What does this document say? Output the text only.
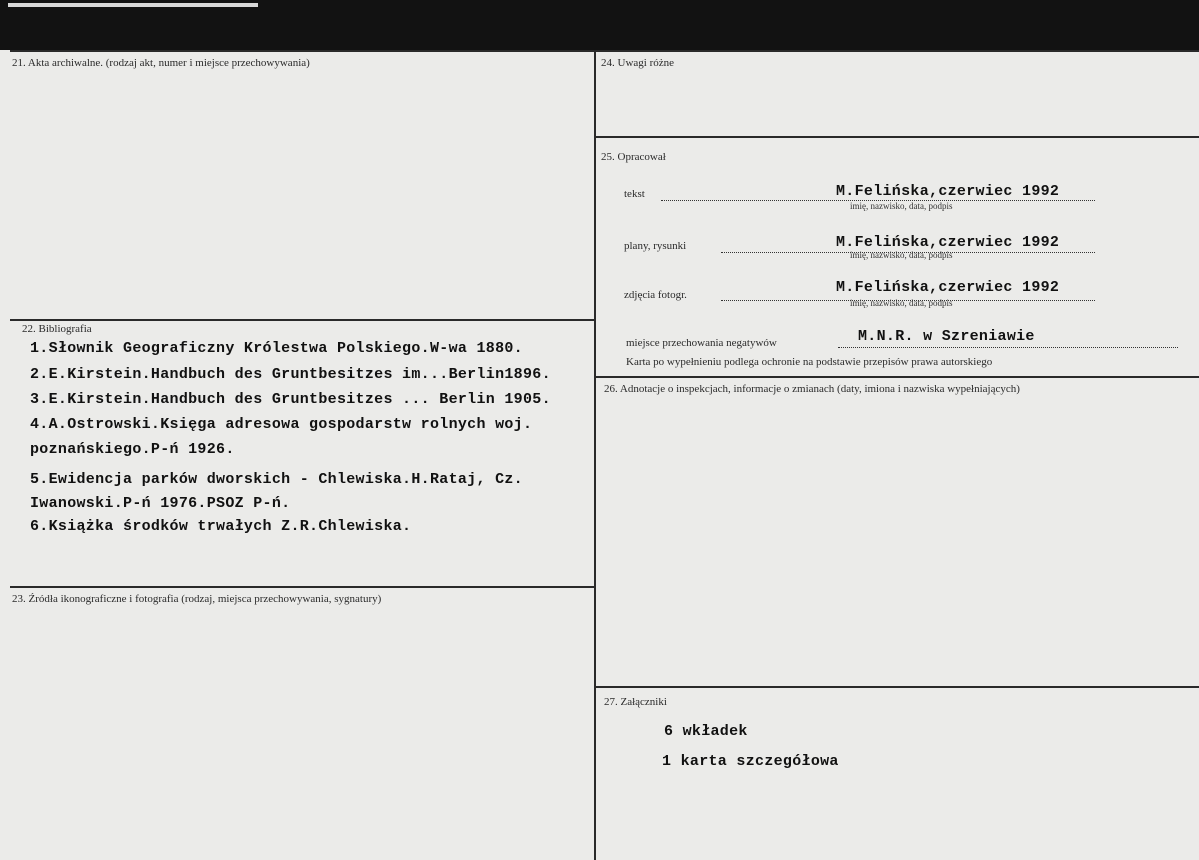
21. Akta archiwalne. (rodzaj akt, numer i miejsce przechowywania)
22. Bibliografia
1.Słownik Geograficzny Królestwa Polskiego.W-wa 1880.
2.E.Kirstein.Handbuch des Gruntbesitzes im...Berlin1896.
3.E.Kirstein.Handbuch des Gruntbesitzes ... Berlin 1905.
4.A.Ostrowski.Księga adresowa gospodarstw rolnych woj.
poznańskiego.P-ń 1926.
5.Ewidencja parków dworskich - Chlewiska.H.Rataj, Cz.
Iwanowski.P-ń 1976.PSOZ P-ń.
6.Książka środków trwałych Z.R.Chlewiska.
23. Źródła ikonograficzne i fotografia (rodzaj, miejsca przechowywania, sygnatury)
24. Uwagi różne
25. Opracował
tekst	M.Felińska,czerwiec 1992
imię, nazwisko, data, podpis
plany, rysunki	M.Felińska,czerwiec 1992
imię, nazwisko, data, podpis
zdjęcia fotogr.	M.Felińska,czerwiec 1992
imię, nazwisko, data, podpis
miejsce przechowania negatywów	M.N.R. w Szreniawie
Karta po wypełnieniu podlega ochronie na podstawie przepisów prawa autorskiego
26. Adnotacje o inspekcjach, informacje o zmianach (daty, imiona i nazwiska wypełniających)
27. Załączniki
6 wkładek
1 karta szczegółowa
